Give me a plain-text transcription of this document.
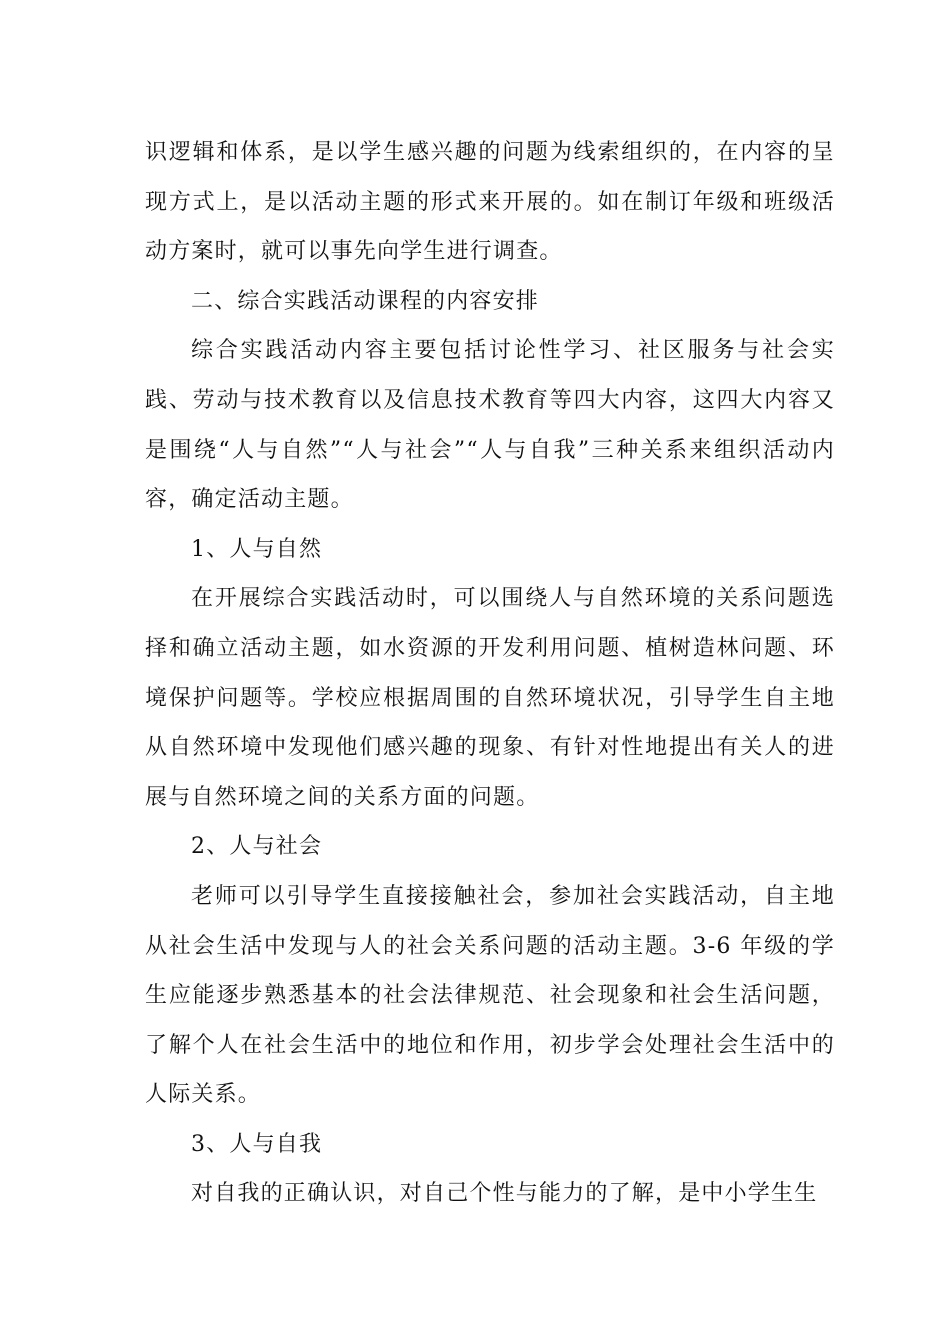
识逻辑和体系，是以学生感兴趣的问题为线索组织的，在内容的呈现方式上，是以活动主题的形式来开展的。如在制订年级和班级活动方案时，就可以事先向学生进行调查。

二、综合实践活动课程的内容安排

综合实践活动内容主要包括讨论性学习、社区服务与社会实践、劳动与技术教育以及信息技术教育等四大内容，这四大内容又是围绕“人与自然”“人与社会”“人与自我”三种关系来组织活动内容，确定活动主题。

1、人与自然

在开展综合实践活动时，可以围绕人与自然环境的关系问题选择和确立活动主题，如水资源的开发利用问题、植树造林问题、环境保护问题等。学校应根据周围的自然环境状况，引导学生自主地从自然环境中发现他们感兴趣的现象、有针对性地提出有关人的进展与自然环境之间的关系方面的问题。

2、人与社会

老师可以引导学生直接接触社会，参加社会实践活动，自主地从社会生活中发现与人的社会关系问题的活动主题。3-6 年级的学生应能逐步熟悉基本的社会法律规范、社会现象和社会生活问题，了解个人在社会生活中的地位和作用，初步学会处理社会生活中的人际关系。

3、人与自我

对自我的正确认识，对自己个性与能力的了解，是中小学生生
